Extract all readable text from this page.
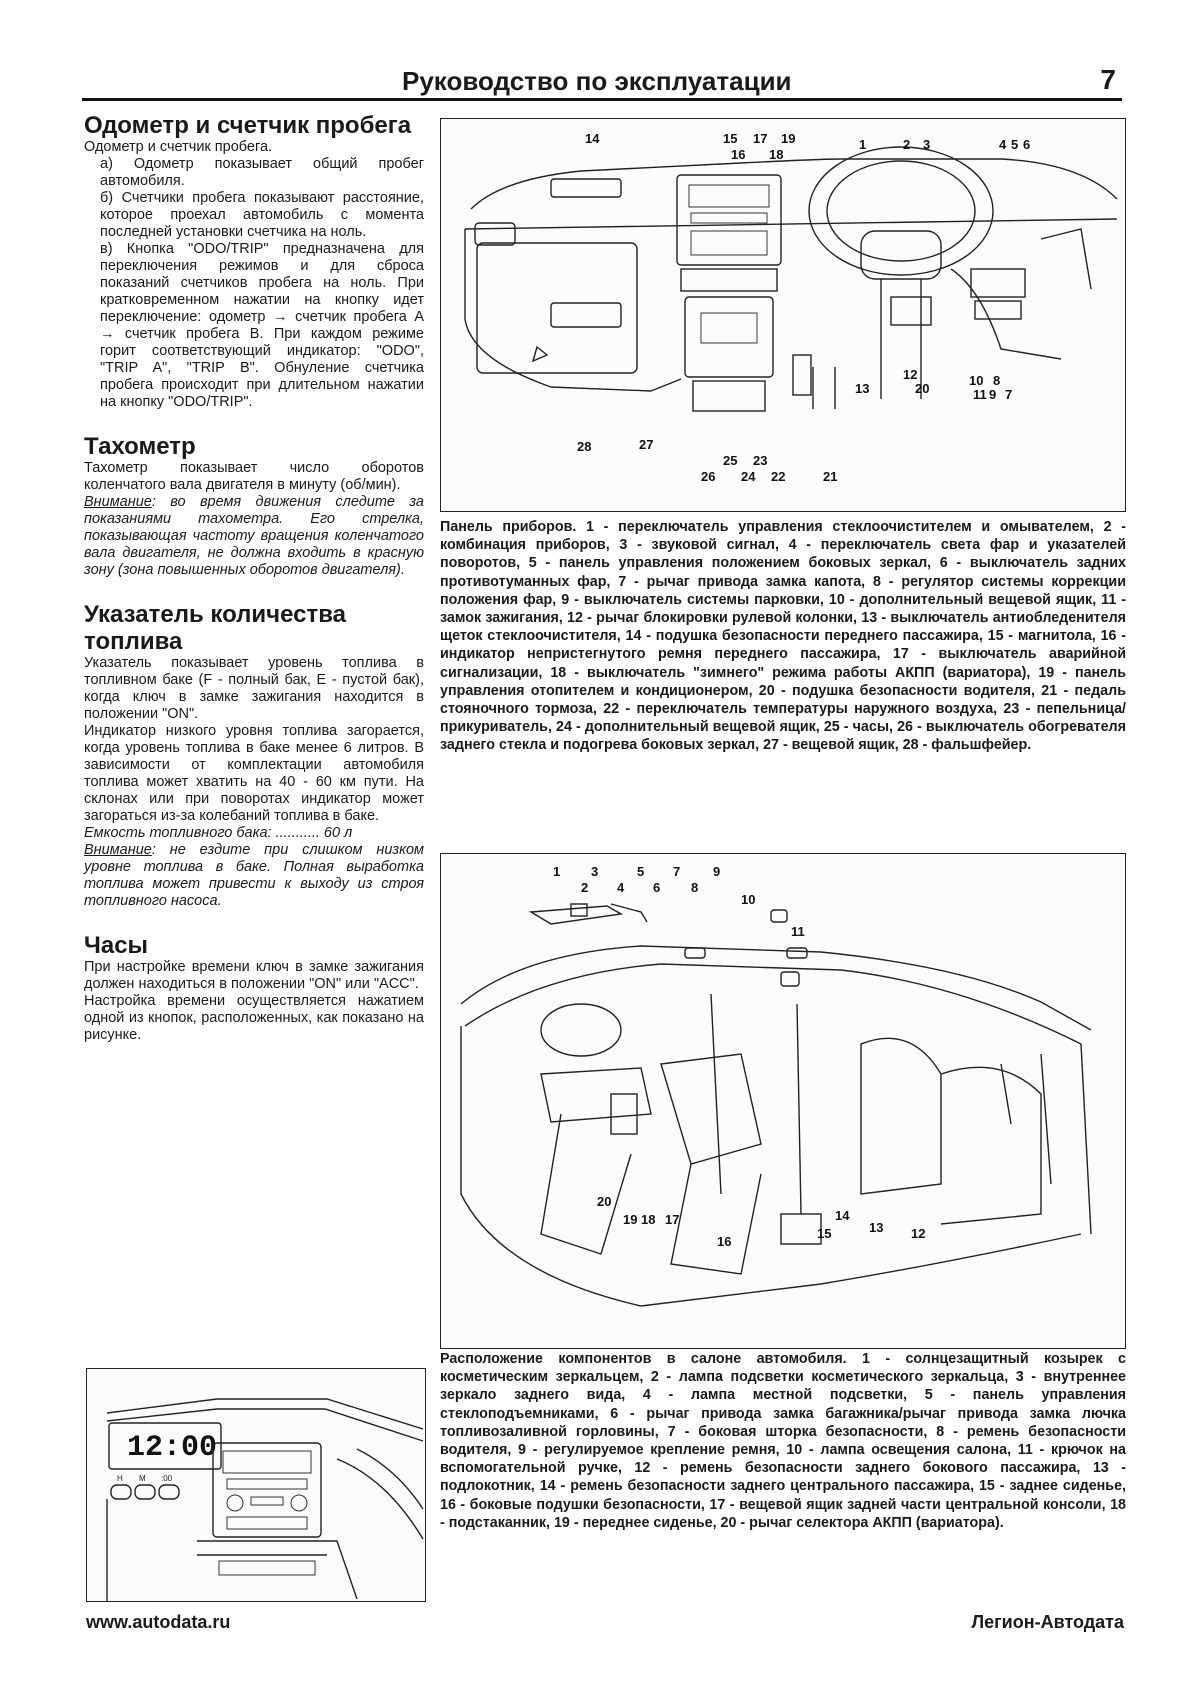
Руководство по эксплуатации	7
Одометр и счетчик пробега

Одометр и счетчик пробега.

а) Одометр показывает общий пробег автомобиля.

б) Счетчики пробега показывают расстояние, которое проехал автомобиль с момента последней установки счетчика на ноль.

в) Кнопка "ODO/TRIP" предназначена для переключения режимов и для сброса показаний счетчиков пробега на ноль. При кратковременном нажатии на кнопку идет переключение: одометр → счетчик пробега А → счетчик пробега В. При каждом режиме горит соответствующий индикатор: "ODO", "TRIP A", "TRIP B". Обнуление счетчика пробега происходит при длительном нажатии на кнопку "ODO/TRIP".

Тахометр

Тахометр показывает число оборотов коленчатого вала двигателя в минуту (об/мин).

Внимание: во время движения следите за показаниями тахометра. Его стрелка, показывающая частоту вращения коленчатого вала двигателя, не должна входить в красную зону (зона повышенных оборотов двигателя).

Указатель количества топлива

Указатель показывает уровень топлива в топливном баке (F - полный бак, E - пустой бак), когда ключ в замке зажигания находится в положении "ON".

Индикатор низкого уровня топлива загорается, когда уровень топлива в баке менее 6 литров. В зависимости от комплектации автомобиля топлива может хватить на 40 - 60 км пути. На склонах или при поворотах индикатор может загораться из-за колебаний топлива в баке.

Емкость топливного бака: ........... 60 л

Внимание: не ездите при слишком низком уровне топлива в баке. Полная выработка топлива может привести к выходу из строя топливного насоса.

Часы

При настройке времени ключ в замке зажигания должен находиться в положении "ON" или "ACC".

Настройка времени осуществляется нажатием одной из кнопок, расположенных, как показано на рисунке.

12:00
H M :00
14	15
16
17
18
19	1	2 3	4 5 6
13
12
20
10 8
11 9 7
28	27
25 23
26 24 22	21

Панель приборов. 1 - переключатель управления стеклоочистителем и омывателем, 2 - комбинация приборов, 3 - звуковой сигнал, 4 - переключатель света фар и указателей поворотов, 5 - панель управления положением боковых зеркал, 6 - выключатель задних противотуманных фар, 7 - рычаг привода замка капота, 8 - регулятор системы коррекции положения фар, 9 - выключатель системы парковки, 10 - дополнительный вещевой ящик, 11 - замок зажигания, 12 - рычаг блокировки рулевой колонки, 13 - выключатель антиобледенителя щеток стеклоочистителя, 14 - подушка безопасности переднего пассажира, 15 - магнитола, 16 - индикатор непристегнутого ремня переднего пассажира, 17 - выключатель аварийной сигнализации, 18 - выключатель "зимнего" режима работы АКПП (вариатора), 19 - панель управления отопителем и кондиционером, 20 - подушка безопасности водителя, 21 - педаль стояночного тормоза, 22 - переключатель температуры наружного воздуха, 23 - пепельница/прикуриватель, 24 - дополнительный вещевой ящик, 25 - часы, 26 - выключатель обогревателя заднего стекла и подогрева боковых зеркал, 27 - вещевой ящик, 28 - фальшфейер.

1 3
2 4
5
6
7
8
9
10
11
20
19 18 17
16
15
14
13 12

Расположение компонентов в салоне автомобиля. 1 - солнцезащитный козырек с косметическим зеркальцем, 2 - лампа подсветки косметического зеркальца, 3 - внутреннее зеркало заднего вида, 4 - лампа местной подсветки, 5 - панель управления стеклоподъемниками, 6 - рычаг привода замка багажника/рычаг привода замка лючка топливозаливной горловины, 7 - боковая шторка безопасности, 8 - ремень безопасности водителя, 9 - регулируемое крепление ремня, 10 - лампа освещения салона, 11 - крючок на вспомогательной ручке, 12 - ремень безопасности заднего бокового пассажира, 13 - подлокотник, 14 - ремень безопасности заднего центрального пассажира, 15 - заднее сиденье, 16 - боковые подушки безопасности, 17 - вещевой ящик задней части центральной консоли, 18 - подстаканник, 19 - переднее сиденье, 20 - рычаг селектора АКПП (вариатора).

www.autodata.ru	Легион-Автодата
